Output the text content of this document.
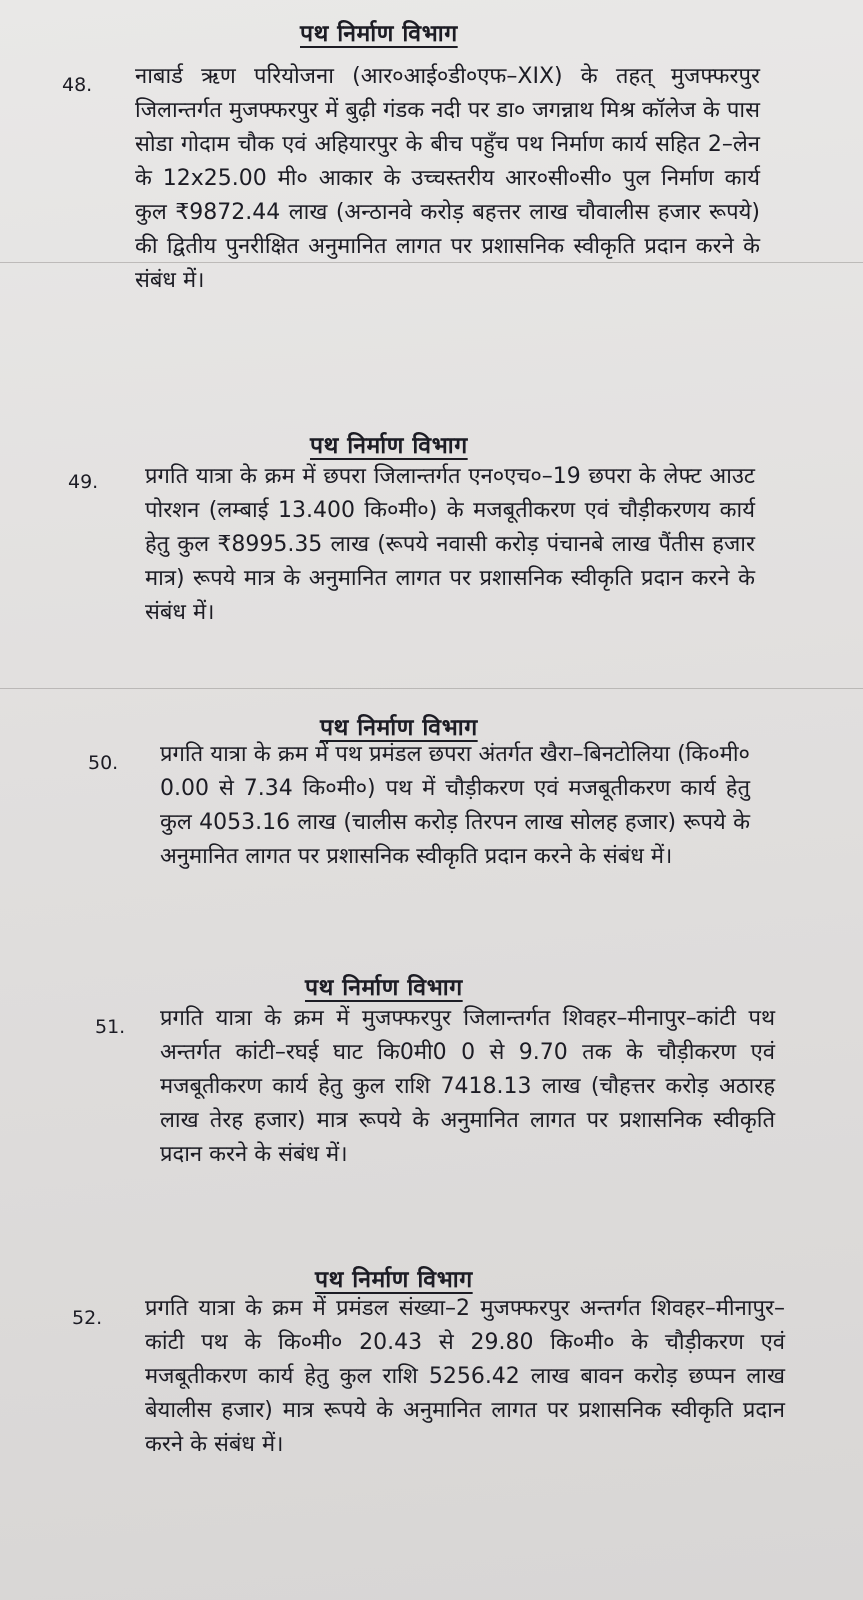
पथ निर्माण विभाग
48. नाबार्ड ऋण परियोजना (आर०आई०डी०एफ–XIX) के तहत् मुजफ्फरपुर जिलान्तर्गत मुजफ्फरपुर में बुढ़ी गंडक नदी पर डा० जगन्नाथ मिश्र कॉलेज के पास सोडा गोदाम चौक एवं अहियारपुर के बीच पहुँच पथ निर्माण कार्य सहित 2–लेन के 12x25.00 मी० आकार के उच्चस्तरीय आर०सी०सी० पुल निर्माण कार्य कुल ₹9872.44 लाख (अन्ठानवे करोड़ बहत्तर लाख चौवालीस हजार रूपये) की द्वितीय पुनरीक्षित अनुमानित लागत पर प्रशासनिक स्वीकृति प्रदान करने के संबंध में।
पथ निर्माण विभाग
49. प्रगति यात्रा के क्रम में छपरा जिलान्तर्गत एन०एच०–19 छपरा के लेफ्ट आउट पोरशन (लम्बाई 13.400 कि०मी०) के मजबूतीकरण एवं चौड़ीकरणय कार्य हेतु कुल ₹8995.35 लाख (रूपये नवासी करोड़ पंचानबे लाख पैंतीस हजार मात्र) रूपये मात्र के अनुमानित लागत पर प्रशासनिक स्वीकृति प्रदान करने के संबंध में।
पथ निर्माण विभाग
50. प्रगति यात्रा के क्रम में पथ प्रमंडल छपरा अंतर्गत खैरा–बिनटोलिया (कि०मी० 0.00 से 7.34 कि०मी०) पथ में चौड़ीकरण एवं मजबूतीकरण कार्य हेतु कुल 4053.16 लाख (चालीस करोड़ तिरपन लाख सोलह हजार) रूपये के अनुमानित लागत पर प्रशासनिक स्वीकृति प्रदान करने के संबंध में।
पथ निर्माण विभाग
51. प्रगति यात्रा के क्रम में मुजफ्फरपुर जिलान्तर्गत शिवहर–मीनापुर–कांटी पथ अन्तर्गत कांटी–रघई घाट कि0मी0 0 से 9.70 तक के चौड़ीकरण एवं मजबूतीकरण कार्य हेतु कुल राशि 7418.13 लाख (चौहत्तर करोड़ अठारह लाख तेरह हजार) मात्र रूपये के अनुमानित लागत पर प्रशासनिक स्वीकृति प्रदान करने के संबंध में।
पथ निर्माण विभाग
52. प्रगति यात्रा के क्रम में प्रमंडल संख्या–2 मुजफ्फरपुर अन्तर्गत शिवहर–मीनापुर–कांटी पथ के कि०मी० 20.43 से 29.80 कि०मी० के चौड़ीकरण एवं मजबूतीकरण कार्य हेतु कुल राशि 5256.42 लाख बावन करोड़ छप्पन लाख बेयालीस हजार) मात्र रूपये के अनुमानित लागत पर प्रशासनिक स्वीकृति प्रदान करने के संबंध में।
